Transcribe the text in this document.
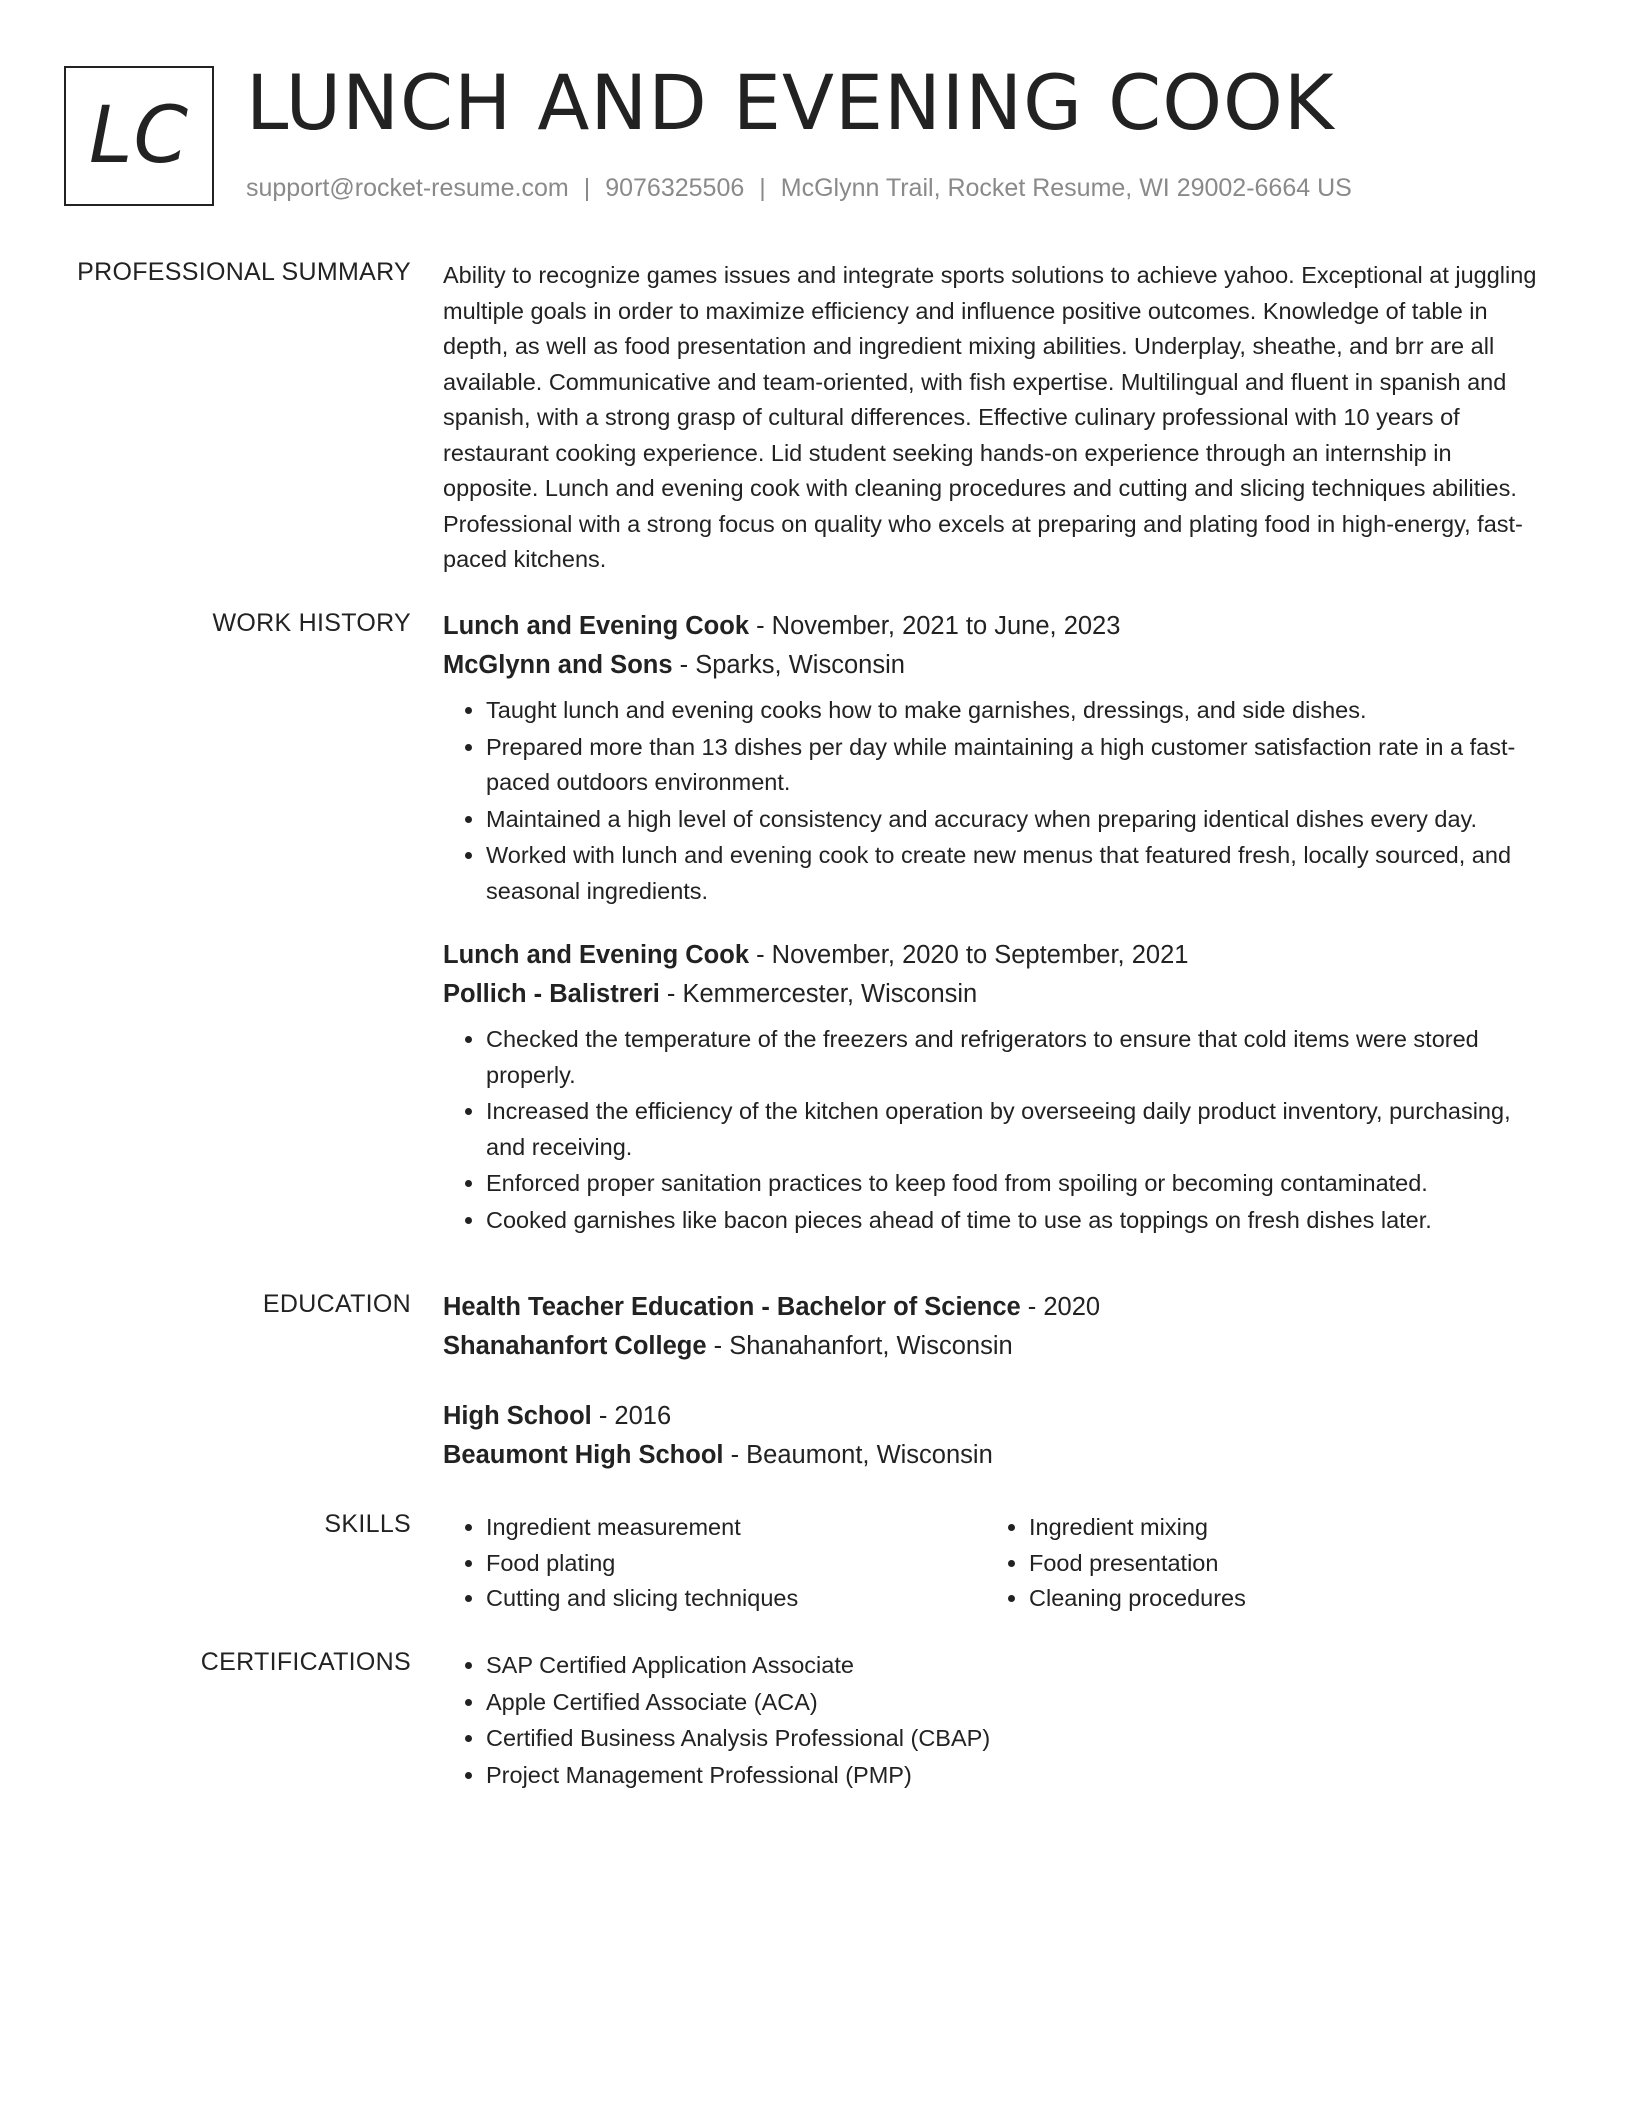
LC LUNCH AND EVENING COOK
support@rocket-resume.com | 9076325506 | McGlynn Trail, Rocket Resume, WI 29002-6664 US
PROFESSIONAL SUMMARY Ability to recognize games issues and integrate sports solutions to achieve yahoo. Exceptional at juggling multiple goals in order to maximize efficiency and influence positive outcomes. Knowledge of table in depth, as well as food presentation and ingredient mixing abilities. Underplay, sheathe, and brr are all available. Communicative and team-oriented, with fish expertise. Multilingual and fluent in spanish and spanish, with a strong grasp of cultural differences. Effective culinary professional with 10 years of restaurant cooking experience. Lid student seeking hands-on experience through an internship in opposite. Lunch and evening cook with cleaning procedures and cutting and slicing techniques abilities. Professional with a strong focus on quality who excels at preparing and plating food in high-energy, fast-paced kitchens.

WORK HISTORY Lunch and Evening Cook - November, 2021 to June, 2023
McGlynn and Sons - Sparks, Wisconsin
• Taught lunch and evening cooks how to make garnishes, dressings, and side dishes.
• Prepared more than 13 dishes per day while maintaining a high customer satisfaction rate in a fast-paced outdoors environment.
• Maintained a high level of consistency and accuracy when preparing identical dishes every day.
• Worked with lunch and evening cook to create new menus that featured fresh, locally sourced, and seasonal ingredients.
Lunch and Evening Cook - November, 2020 to September, 2021
Pollich - Balistreri - Kemmercester, Wisconsin
• Checked the temperature of the freezers and refrigerators to ensure that cold items were stored properly.
• Increased the efficiency of the kitchen operation by overseeing daily product inventory, purchasing, and receiving.
• Enforced proper sanitation practices to keep food from spoiling or becoming contaminated.
• Cooked garnishes like bacon pieces ahead of time to use as toppings on fresh dishes later.
EDUCATION Health Teacher Education - Bachelor of Science - 2020
Shanahanfort College - Shanahanfort, Wisconsin
High School - 2016
Beaumont High School - Beaumont, Wisconsin
SKILLS	• Ingredient measurement
• Food plating
• Cutting and slicing techniques
• Ingredient mixing
• Food presentation
• Cleaning procedures
CERTIFICATIONS	• SAP Certified Application Associate
• Apple Certified Associate (ACA)
• Certified Business Analysis Professional (CBAP)
• Project Management Professional (PMP)
